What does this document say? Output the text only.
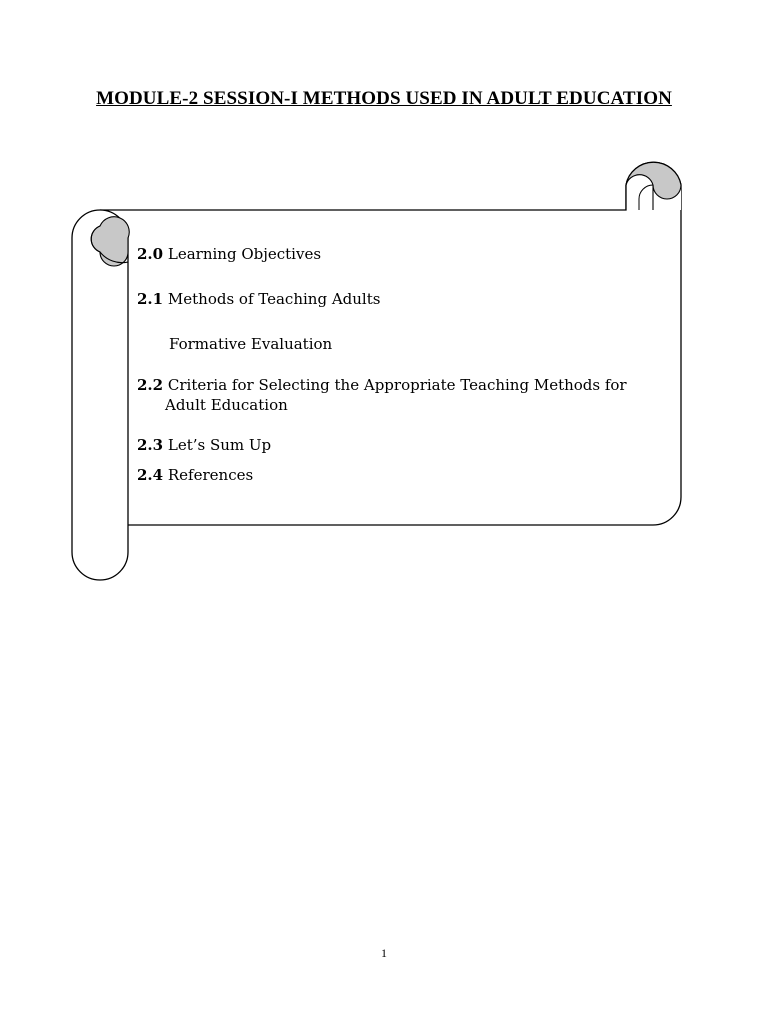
MODULE-2 SESSION-I METHODS USED IN ADULT EDUCATION
2.0 Learning Objectives
2.1 Methods of Teaching Adults
Formative Evaluation
2.2 Criteria for Selecting the Appropriate Teaching Methods for
Adult Education
2.3 Let’s Sum Up
2.4 References
1
